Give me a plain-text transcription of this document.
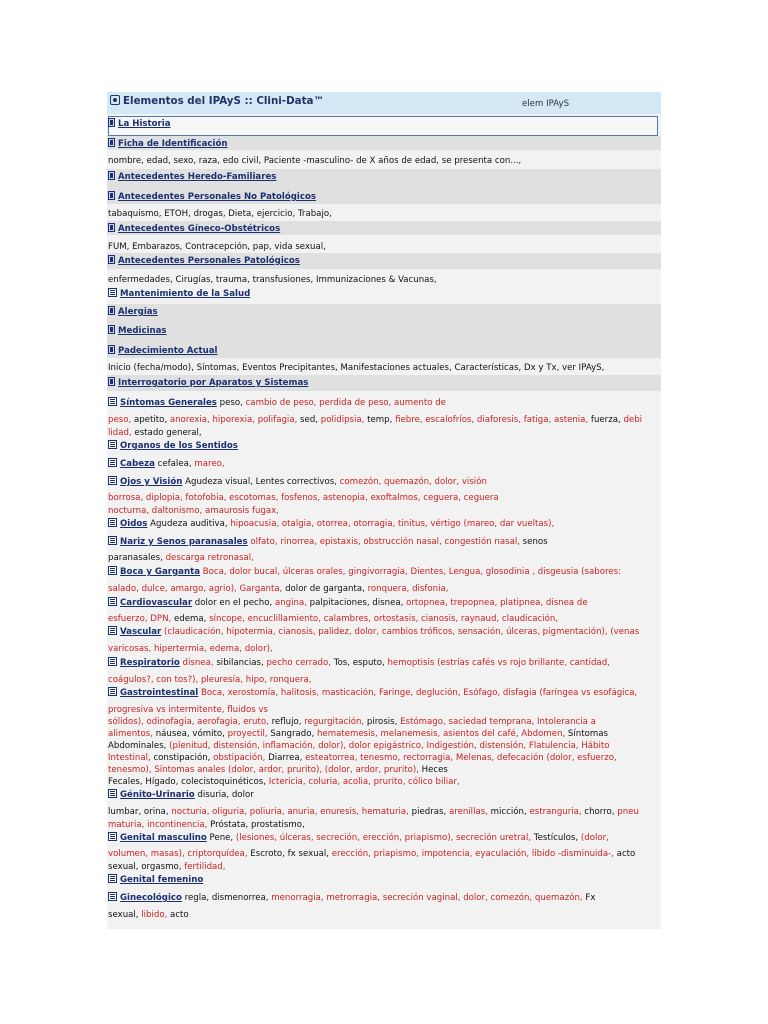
Elementos del IPAyS :: Clini-Data™	elem IPAyS
La Historia
Ficha de Identificación
nombre, edad, sexo, raza, edo civil, Paciente -masculino- de X años de edad, se presenta con...,
Antecedentes Heredo-Familiares
Antecedentes Personales No Patológicos
tabaquismo, ETOH, drogas, Dieta, ejercicio, Trabajo,
Antecedentes Gíneco-Obstétricos
FUM, Embarazos, Contracepción, pap, vida sexual,
Antecedentes Personales Patológicos
enfermedades, Cirugías, trauma, transfusiones, Immunizaciones & Vacunas,
Mantenimiento de la Salud
Alergias
Medicinas
Padecimiento Actual
Inicio (fecha/modo), Síntomas, Eventos Precipitantes, Manifestaciones actuales, Características, Dx y Tx, ver IPAyS,
Interrogatorio por Aparatos y Sistemas
Síntomas Generales peso, cambio de peso, perdida de peso, aumento de
peso, apetito, anorexia, hiporexia, polifagia, sed, polidipsia, temp, fiebre, escalofríos, diaforesis, fatiga, astenia, fuerza, debi
lidad, estado general,
Organos de los Sentidos
Cabeza cefalea, mareo,
Ojos y Visión Agudeza visual, Lentes correctivos, comezón, quemazón, dolor, visión
borrosa, diplopia, fotofobia, escotomas, fosfenos, astenopia, exoftalmos, ceguera, ceguera
nocturna, daltonismo, amaurosis fugax,
Oidos Agudeza auditiva, hipoacusia, otalgia, otorrea, otorragia, tinitus, vértigo (mareo, dar vueltas),
Nariz y Senos paranasales olfato, rinorrea, epistaxis, obstrucción nasal, congestión nasal, senos
paranasales, descarga retronasal,
Boca y Garganta Boca, dolor bucal, úlceras orales, gingivorragia, Dientes, Lengua, glosodinia , disgeusia (sabores:
salado, dulce, amargo, agrio), Garganta, dolor de garganta, ronquera, disfonia,
Cardiovascular dolor en el pecho, angina, palpitaciones, disnea, ortopnea, trepopnea, platipnea, disnea de
esfuerzo, DPN, edema, síncope, encuclillamiento, calambres, ortostasis, cianosis, raynaud, claudicación,
Vascular (claudicación, hipotermia, cianosis, palidez, dolor, cambios tróficos, sensación, úlceras, pigmentación), (venas
varicosas, hipertermia, edema, dolor),
Respiratorio disnea, sibilancias, pecho cerrado, Tos, esputo, hemoptisis (estrías cafés vs rojo brillante, cantidad,
coágulos?, con tos?), pleuresía, hipo, ronquera,
Gastrointestinal Boca, xerostomía, halitosis, masticación, Faringe, deglución, Esófago, disfagia (faríngea vs esofágica,
progresiva vs intermitente, fluidos vs
sólidos), odinofagia, aerofagia, eruto, reflujo, regurgitación, pirosis, Estómago, saciedad temprana, Intolerancia a
alimentos, náusea, vómito, proyectil, Sangrado, hematemesis, melanemesis, asientos del café, Abdomen, Síntomas
Abdominales, (plenitud, distensión, inflamación, dolor), dolor epigástrico, Indigestión, distensión, Flatulencia, Hábito
Intestinal, constipación, obstipación, Diarrea, esteatorrea, tenesmo, rectorragia, Melenas, defecación (dolor, esfuerzo,
tenesmo), Síntomas anales (dolor, ardor, prurito), (dolor, ardor, prurito), Heces
Fecales, Hígado, colecistoquinéticos, Ictericia, coluria, acolia, prurito, cólico biliar,
Génito-Urinario disuria, dolor
lumbar, orina, nocturia, oliguria, poliuria, anuria, enuresis, hematuria, piedras, arenillas, micción, estranguria, chorro, pneu
maturia, incontinencia, Próstata, prostatismo,
Genital masculino Pene, (lesiones, úlceras, secreción, erección, priapismo), secreción uretral, Testículos, (dolor,
volumen, masas), criptorquídea, Escroto, fx sexual, erección, priapismo, impotencia, eyaculación, libido -disminuida-, acto
sexual, orgasmo, fertilidad,
Genital femenino
Ginecológico regla, dismenorrea, menorragia, metrorragia, secreción vaginal, dolor, comezón, quemazón, Fx
sexual, libido, acto
